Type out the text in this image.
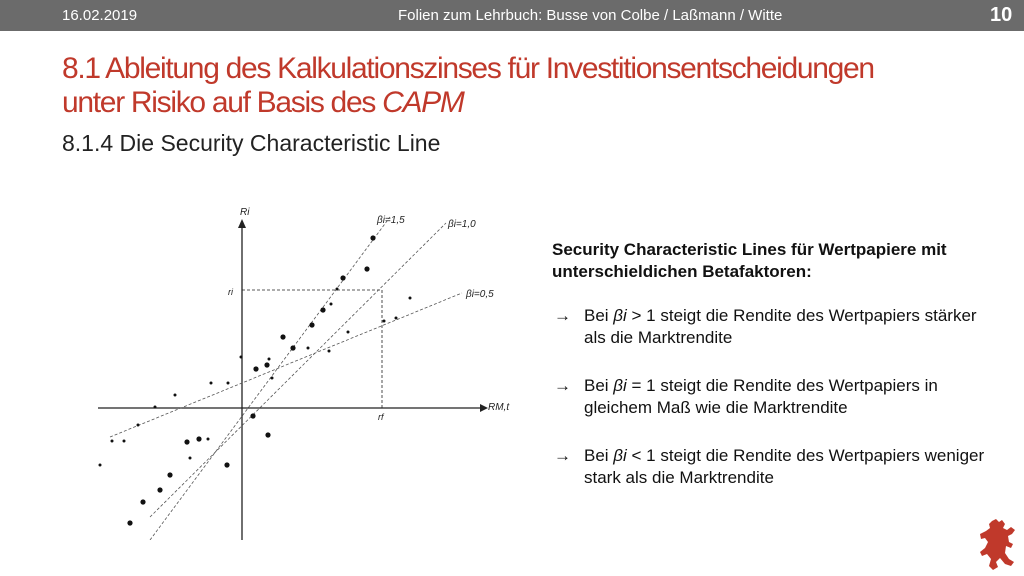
16.02.2019	Folien zum Lehrbuch: Busse von Colbe / Laßmann / Witte	10
8.1 Ableitung des Kalkulationszinses für Investitionsentscheidungen
unter Risiko auf Basis des CAPM
8.1.4 Die Security Characteristic Line
Ri
RM,t
βi=1,5	βi=1,0
βi=0,5
ri
rf
Security Characteristic Lines für Wertpapiere mit unterschieldichen Betafaktoren:
→ Bei βi > 1 steigt die Rendite des Wertpapiers stärker als die Marktrendite
→ Bei βi = 1 steigt die Rendite des Wertpapiers in gleichem Maß wie die Marktrendite
→ Bei βi < 1 steigt die Rendite des Wertpapiers weniger stark als die Marktrendite
